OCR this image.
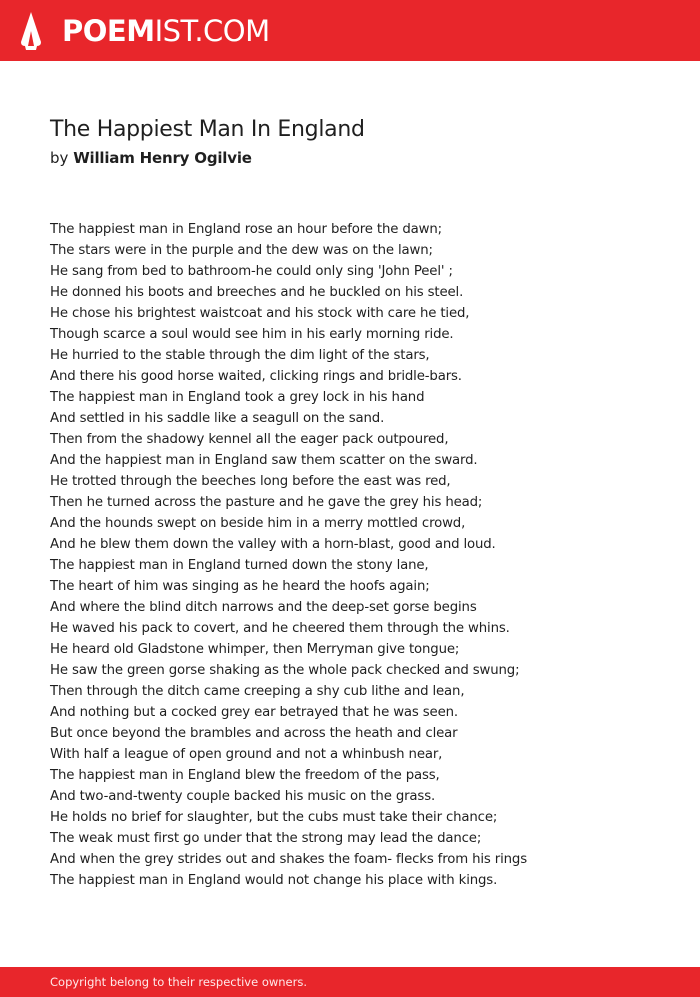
POEMIST.COM
The Happiest Man In England
by William Henry Ogilvie
The happiest man in England rose an hour before the dawn;
The stars were in the purple and the dew was on the lawn;
He sang from bed to bathroom-he could only sing 'John Peel' ;
He donned his boots and breeches and he buckled on his steel.
He chose his brightest waistcoat and his stock with care he tied,
Though scarce a soul would see him in his early morning ride.
He hurried to the stable through the dim light of the stars,
And there his good horse waited, clicking rings and bridle-bars.
The happiest man in England took a grey lock in his hand
And settled in his saddle like a seagull on the sand.
Then from the shadowy kennel all the eager pack outpoured,
And the happiest man in England saw them scatter on the sward.
He trotted through the beeches long before the east was red,
Then he turned across the pasture and he gave the grey his head;
And the hounds swept on beside him in a merry mottled crowd,
And he blew them down the valley with a horn-blast, good and loud.
The happiest man in England turned down the stony lane,
The heart of him was singing as he heard the hoofs again;
And where the blind ditch narrows and the deep-set gorse begins
He waved his pack to covert, and he cheered them through the whins.
He heard old Gladstone whimper, then Merryman give tongue;
He saw the green gorse shaking as the whole pack checked and swung;
Then through the ditch came creeping a shy cub lithe and lean,
And nothing but a cocked grey ear betrayed that he was seen.
But once beyond the brambles and across the heath and clear
With half a league of open ground and not a whinbush near,
The happiest man in England blew the freedom of the pass,
And two-and-twenty couple backed his music on the grass.
He holds no brief for slaughter, but the cubs must take their chance;
The weak must first go under that the strong may lead the dance;
And when the grey strides out and shakes the foam- flecks from his rings
The happiest man in England would not change his place with kings.
Copyright belong to their respective owners.
